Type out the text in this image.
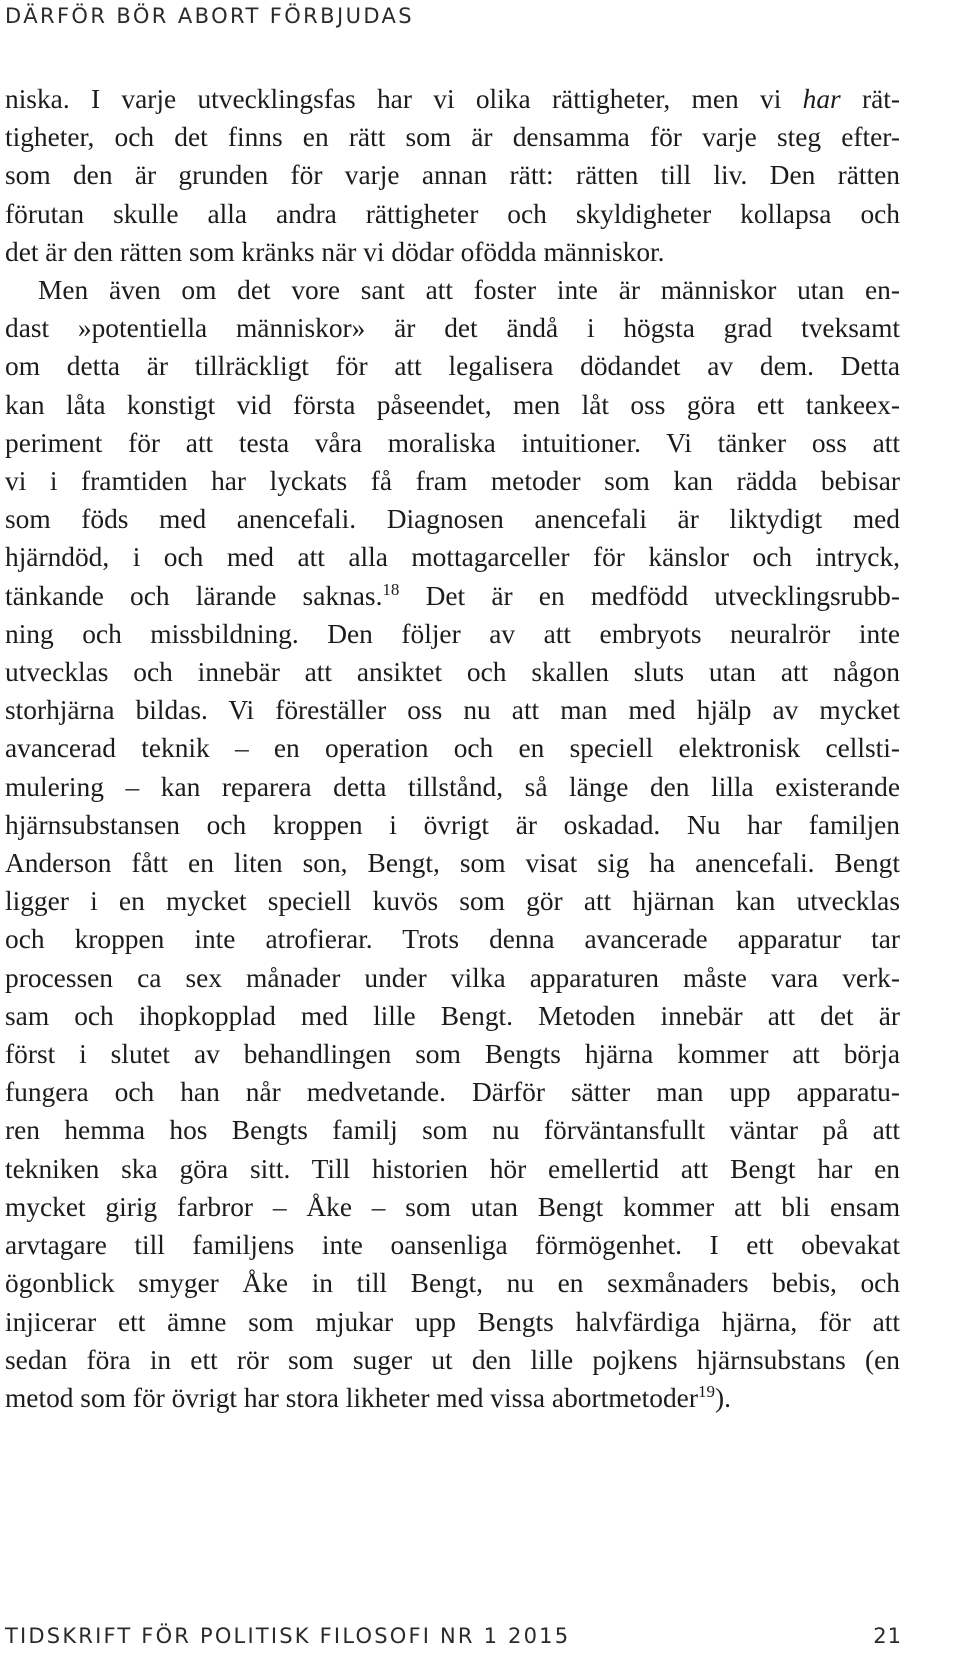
DÄRFÖR BÖR ABORT FÖRBJUDAS
niska. I varje utvecklingsfas har vi olika rättigheter, men vi har rät-
tigheter, och det finns en rätt som är densamma för varje steg efter-
som den är grunden för varje annan rätt: rätten till liv. Den rätten
förutan skulle alla andra rättigheter och skyldigheter kollapsa och
det är den rätten som kränks när vi dödar ofödda människor.
Men även om det vore sant att foster inte är människor utan en-
dast »potentiella människor» är det ändå i högsta grad tveksamt
om detta är tillräckligt för att legalisera dödandet av dem. Detta
kan låta konstigt vid första påseendet, men låt oss göra ett tankeex-
periment för att testa våra moraliska intuitioner. Vi tänker oss att
vi i framtiden har lyckats få fram metoder som kan rädda bebisar
som föds med anencefali. Diagnosen anencefali är liktydigt med
hjärndöd, i och med att alla mottagarceller för känslor och intryck,
tänkande och lärande saknas.$^{18}$ Det är en medfödd utvecklingsrubb-
ning och missbildning. Den följer av att embryots neuralrör inte
utvecklas och innebär att ansiktet och skallen sluts utan att någon
storhjärna bildas. Vi föreställer oss nu att man med hjälp av mycket
avancerad teknik – en operation och en speciell elektronisk cellsti-
mulering – kan reparera detta tillstånd, så länge den lilla existerande
hjärnsubstansen och kroppen i övrigt är oskadad. Nu har familjen
Anderson fått en liten son, Bengt, som visat sig ha anencefali. Bengt
ligger i en mycket speciell kuvös som gör att hjärnan kan utvecklas
och kroppen inte atrofierar. Trots denna avancerade apparatur tar
processen ca sex månader under vilka apparaturen måste vara verk-
sam och ihopkopplad med lille Bengt. Metoden innebär att det är
först i slutet av behandlingen som Bengts hjärna kommer att börja
fungera och han når medvetande. Därför sätter man upp apparatu-
ren hemma hos Bengts familj som nu förväntansfullt väntar på att
tekniken ska göra sitt. Till historien hör emellertid att Bengt har en
mycket girig farbror – Åke – som utan Bengt kommer att bli ensam
arvtagare till familjens inte oansenliga förmögenhet. I ett obevakat
ögonblick smyger Åke in till Bengt, nu en sexmånaders bebis, och
injicerar ett ämne som mjukar upp Bengts halvfärdiga hjärna, för att
sedan föra in ett rör som suger ut den lille pojkens hjärnsubstans (en
metod som för övrigt har stora likheter med vissa abortmetoder$^{19}$).
TIDSKRIFT FÖR POLITISK FILOSOFI NR 1 2015	21
